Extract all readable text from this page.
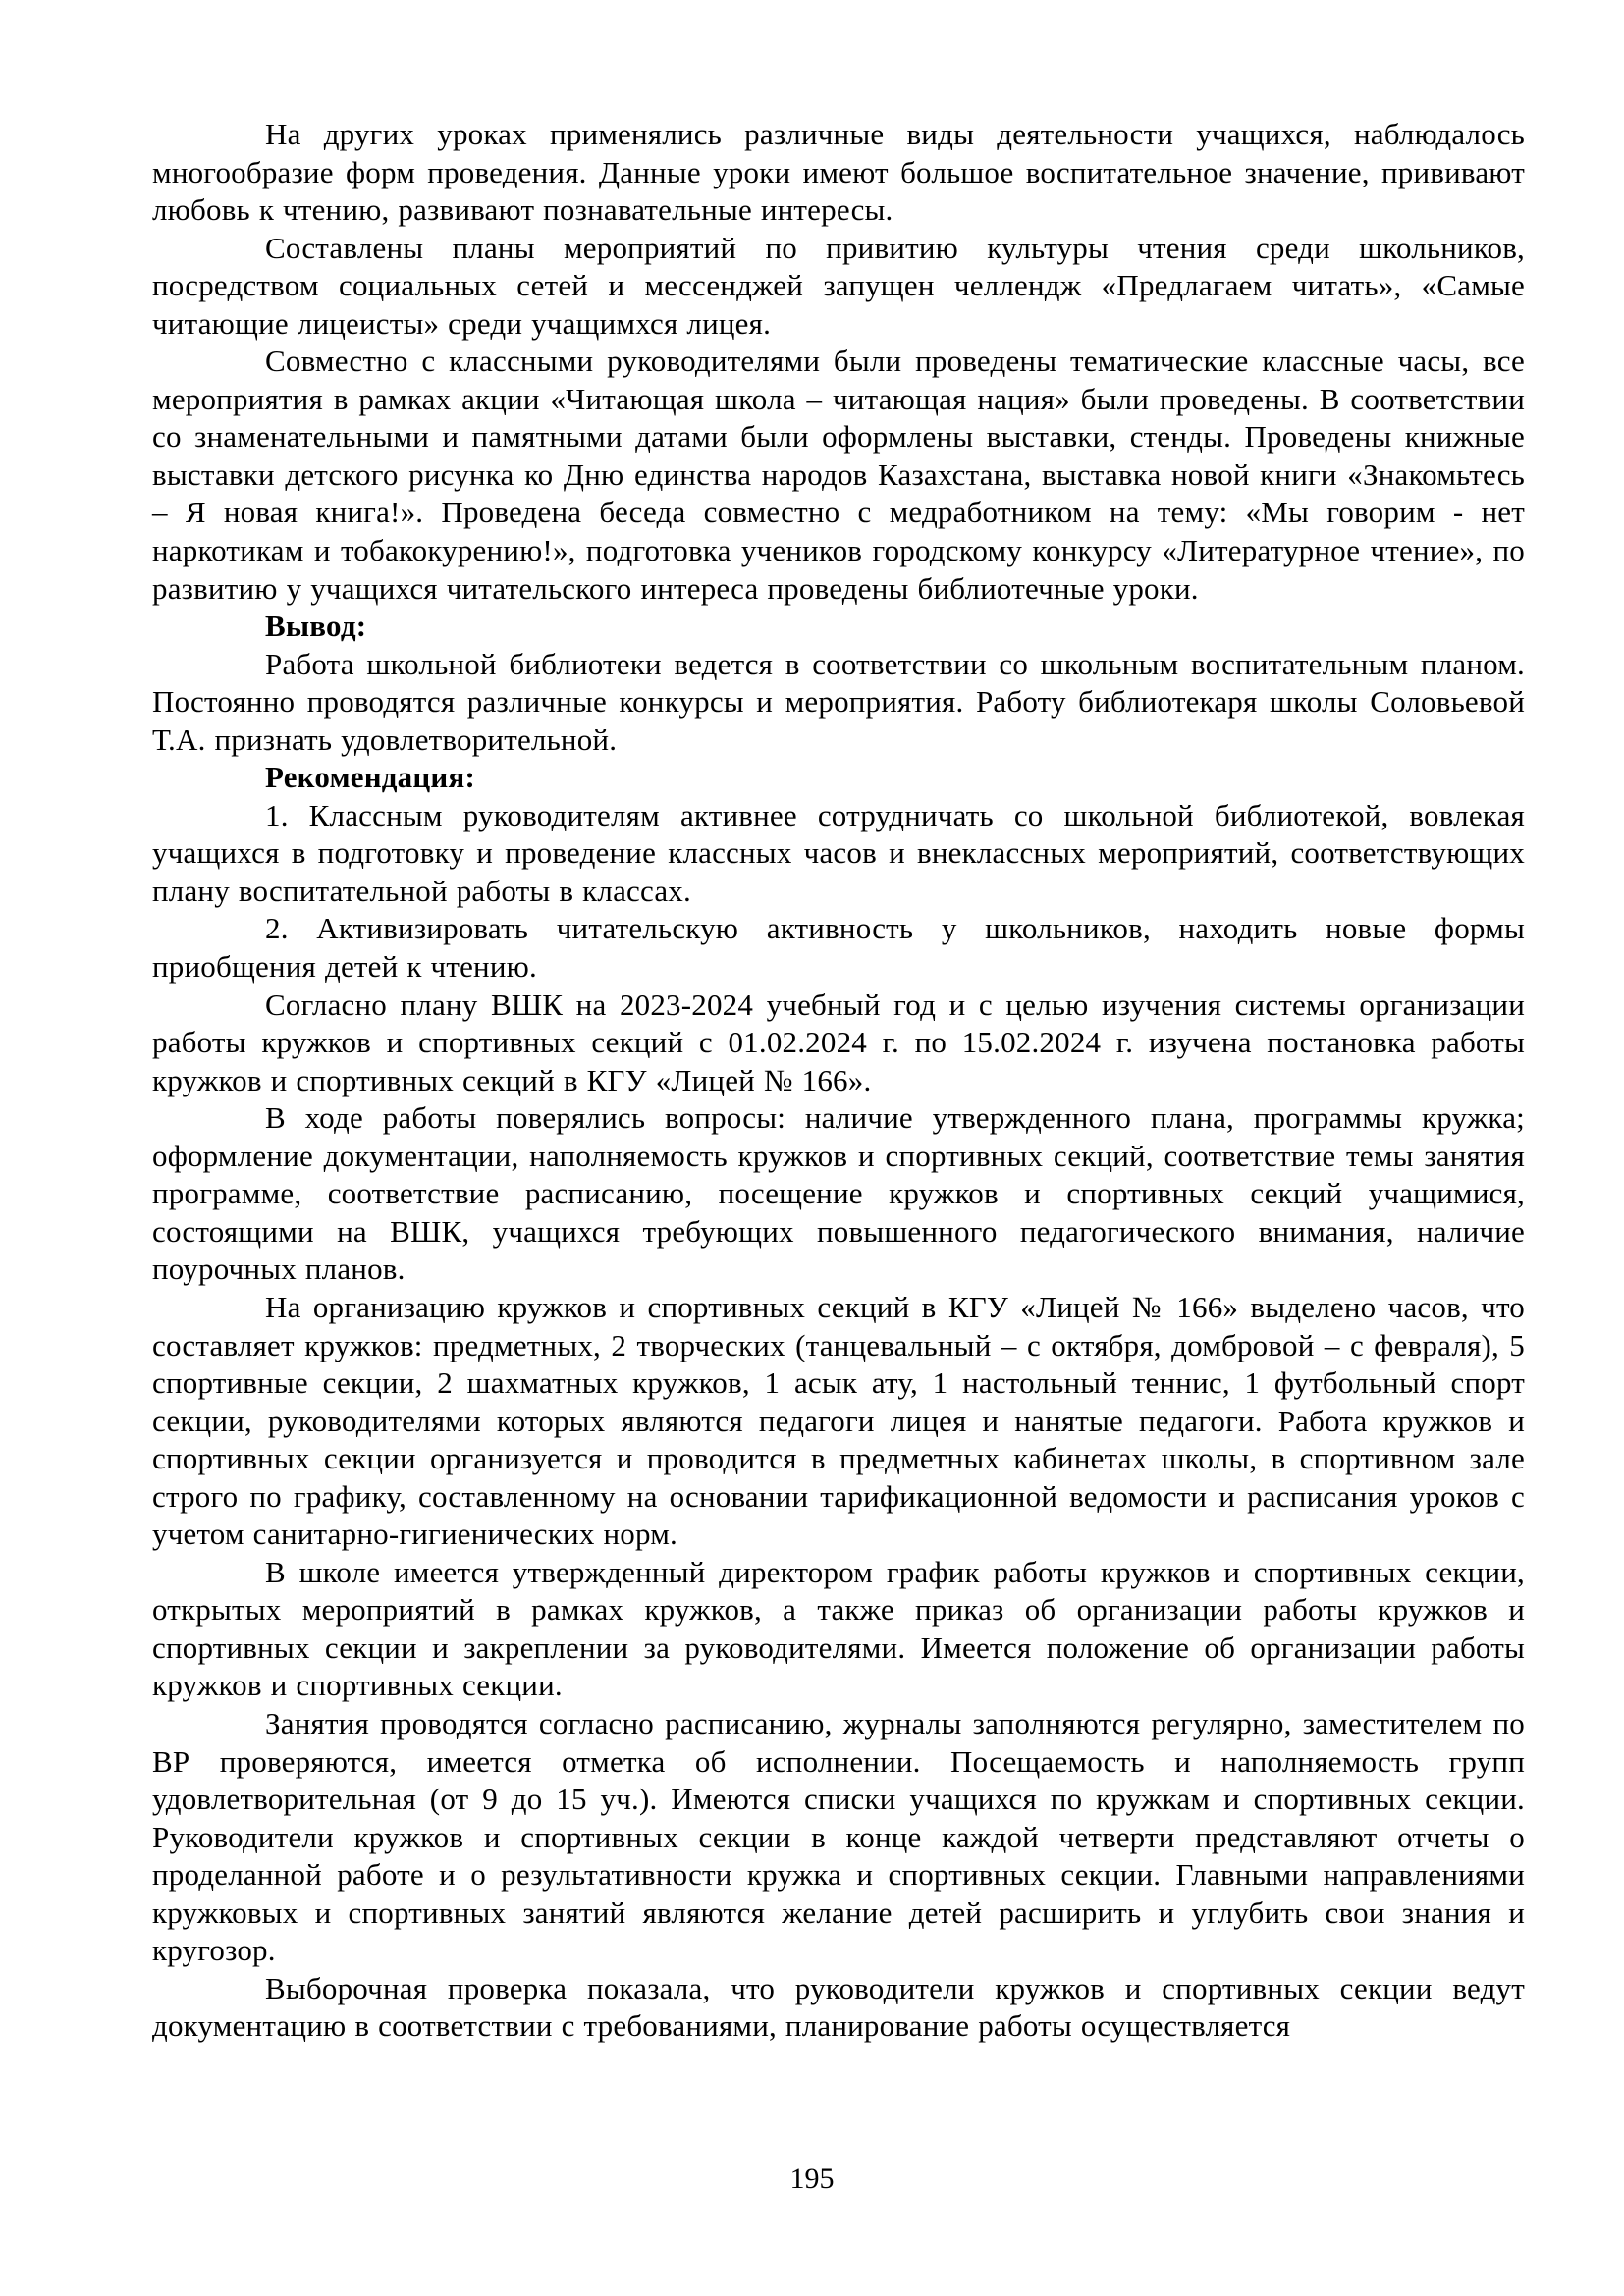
На других уроках применялись различные виды деятельности учащихся, наблюдалось многообразие форм проведения. Данные уроки имеют большое воспитательное значение, прививают любовь к чтению, развивают познавательные интересы.

Составлены планы мероприятий по привитию культуры чтения среди школьников, посредством социальных сетей и мессенджей запущен челлендж «Предлагаем читать», «Самые читающие лицеисты» среди учащимхся лицея.

Совместно с классными руководителями были проведены тематические классные часы, все мероприятия в рамках акции «Читающая школа – читающая нация» были проведены. В соответствии со знаменательными и памятными датами были оформлены выставки, стенды. Проведены книжные выставки детского рисунка ко Дню единства народов Казахстана, выставка новой книги «Знакомьтесь – Я новая книга!». Проведена беседа совместно с медработником на тему: «Мы говорим - нет наркотикам и тобакокурению!», подготовка учеников городскому конкурсу «Литературное чтение», по развитию у учащихся читательского интереса проведены библиотечные уроки.

Вывод:

Работа школьной библиотеки ведется в соответствии со школьным воспитательным планом. Постоянно проводятся различные конкурсы и мероприятия. Работу библиотекаря школы Соловьевой Т.А. признать удовлетворительной.

Рекомендация:

1. Классным руководителям активнее сотрудничать со школьной библиотекой, вовлекая учащихся в подготовку и проведение классных часов и внеклассных мероприятий, соответствующих плану воспитательной работы в классах.

2. Активизировать читательскую активность у школьников, находить новые формы приобщения детей к чтению.

Согласно плану ВШК на 2023-2024 учебный год и с целью изучения системы организации работы кружков и спортивных секций с 01.02.2024 г. по 15.02.2024 г. изучена постановка работы кружков и спортивных секций в КГУ «Лицей № 166».

В ходе работы поверялись вопросы: наличие утвержденного плана, программы кружка; оформление документации, наполняемость кружков и спортивных секций, соответствие темы занятия программе, соответствие расписанию, посещение кружков и спортивных секций учащимися, состоящими на ВШК, учащихся требующих повышенного педагогического внимания, наличие поурочных планов.

На организацию кружков и спортивных секций в КГУ «Лицей № 166» выделено часов, что составляет кружков: предметных, 2 творческих (танцевальный – с октября, домбровой – с февраля), 5 спортивные секции, 2 шахматных кружков, 1 асык ату, 1 настольный теннис, 1 футбольный спорт секции, руководителями которых являются педагоги лицея и нанятые педагоги. Работа кружков и спортивных секции организуется и проводится в предметных кабинетах школы, в спортивном зале строго по графику, составленному на основании тарификационной ведомости и расписания уроков с учетом санитарно-гигиенических норм.

В школе имеется утвержденный директором график работы кружков и спортивных секции, открытых мероприятий в рамках кружков, а также приказ об организации работы кружков и спортивных секции и закреплении за руководителями. Имеется положение об организации работы кружков и спортивных секции.

Занятия проводятся согласно расписанию, журналы заполняются регулярно, заместителем по ВР проверяются, имеется отметка об исполнении. Посещаемость и наполняемость групп удовлетворительная (от 9 до 15 уч.). Имеются списки учащихся по кружкам и спортивных секции. Руководители кружков и спортивных секции в конце каждой четверти представляют отчеты о проделанной работе и о результативности кружка и спортивных секции. Главными направлениями кружковых и спортивных занятий являются желание детей расширить и углубить свои знания и кругозор.

Выборочная проверка показала, что руководители кружков и спортивных секции ведут документацию в соответствии с требованиями, планирование работы осуществляется

195
